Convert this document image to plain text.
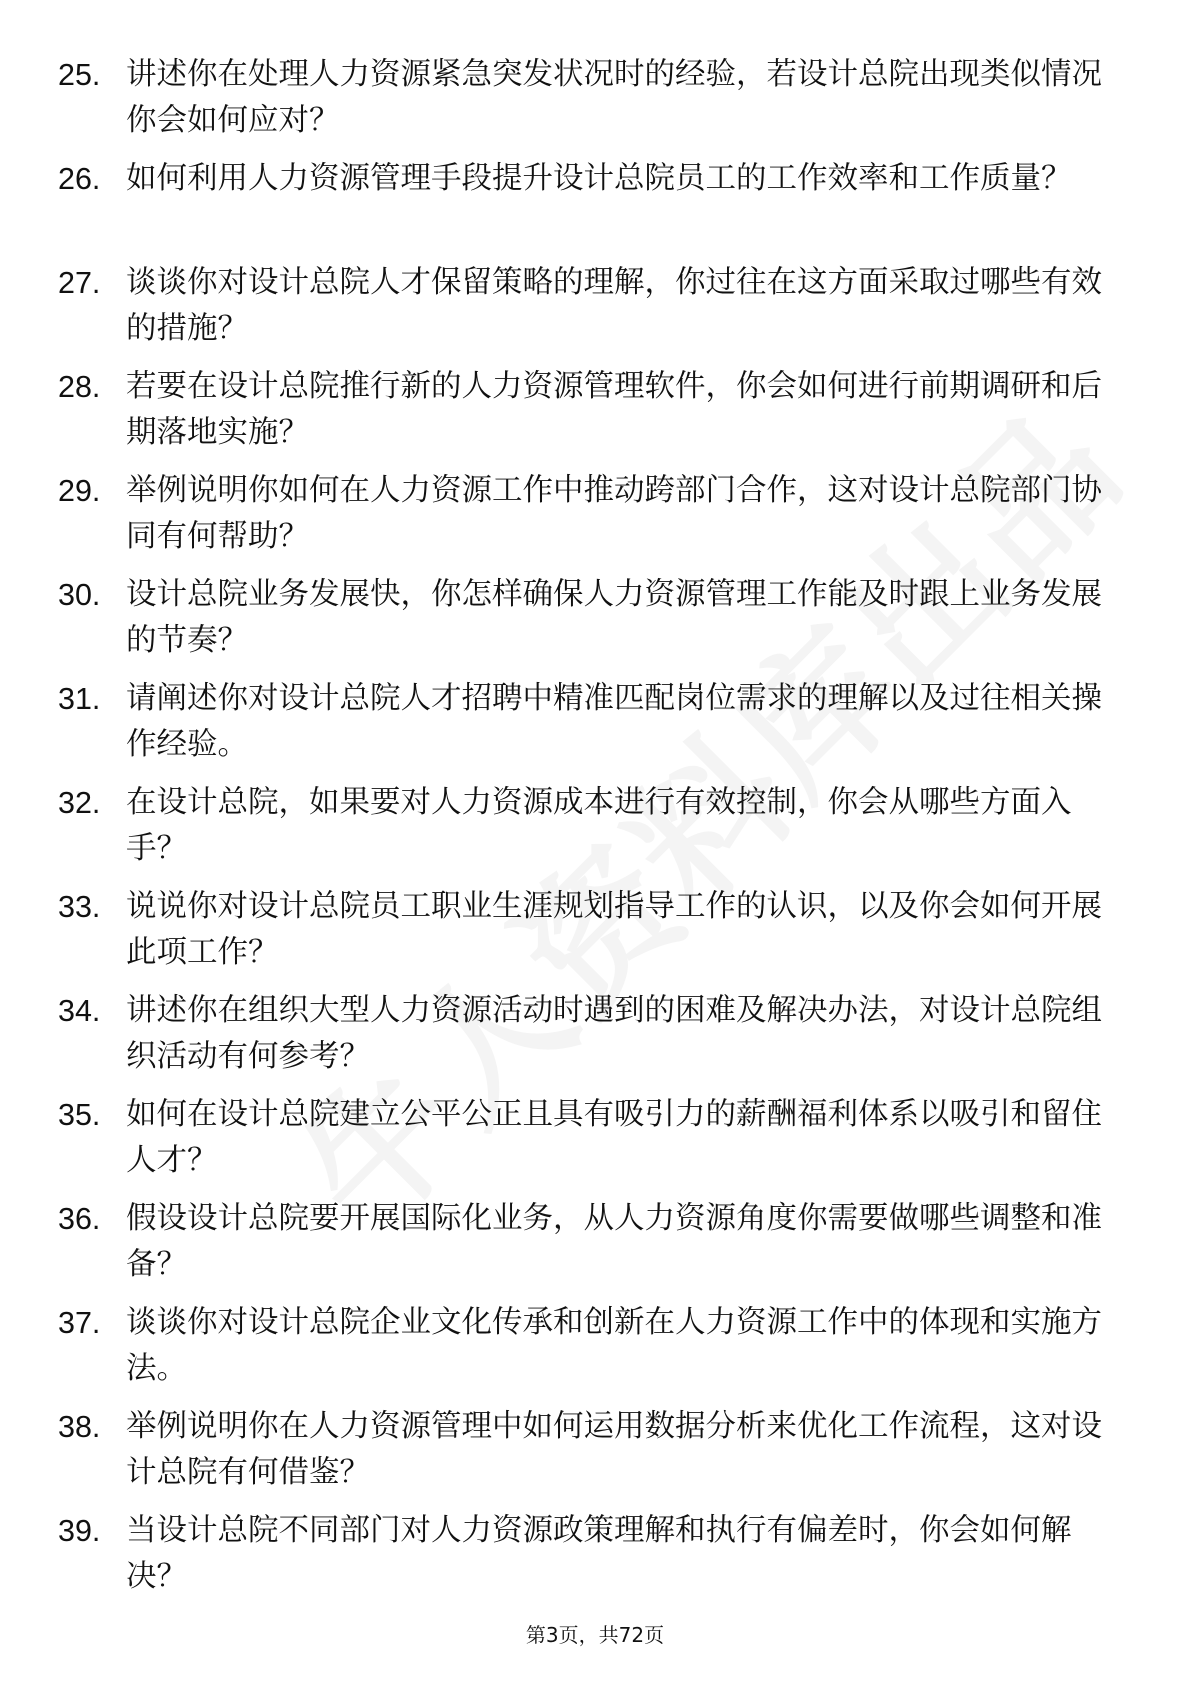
25. 讲述你在处理人力资源紧急突发状况时的经验，若设计总院出现类似情况你会如何应对？
26. 如何利用人力资源管理手段提升设计总院员工的工作效率和工作质量？
27. 谈谈你对设计总院人才保留策略的理解，你过往在这方面采取过哪些有效的措施？
28. 若要在设计总院推行新的人力资源管理软件，你会如何进行前期调研和后期落地实施？
29. 举例说明你如何在人力资源工作中推动跨部门合作，这对设计总院部门协同有何帮助？
30. 设计总院业务发展快，你怎样确保人力资源管理工作能及时跟上业务发展的节奏？
31. 请阐述你对设计总院人才招聘中精准匹配岗位需求的理解以及过往相关操作经验。
32. 在设计总院，如果要对人力资源成本进行有效控制，你会从哪些方面入手？
33. 说说你对设计总院员工职业生涯规划指导工作的认识，以及你会如何开展此项工作？
34. 讲述你在组织大型人力资源活动时遇到的困难及解决办法，对设计总院组织活动有何参考？
35. 如何在设计总院建立公平公正且具有吸引力的薪酬福利体系以吸引和留住人才？
36. 假设设计总院要开展国际化业务，从人力资源角度你需要做哪些调整和准备？
37. 谈谈你对设计总院企业文化传承和创新在人力资源工作中的体现和实施方法。
38. 举例说明你在人力资源管理中如何运用数据分析来优化工作流程，这对设计总院有何借鉴？
39. 当设计总院不同部门对人力资源政策理解和执行有偏差时，你会如何解决？
第3页，共72页
